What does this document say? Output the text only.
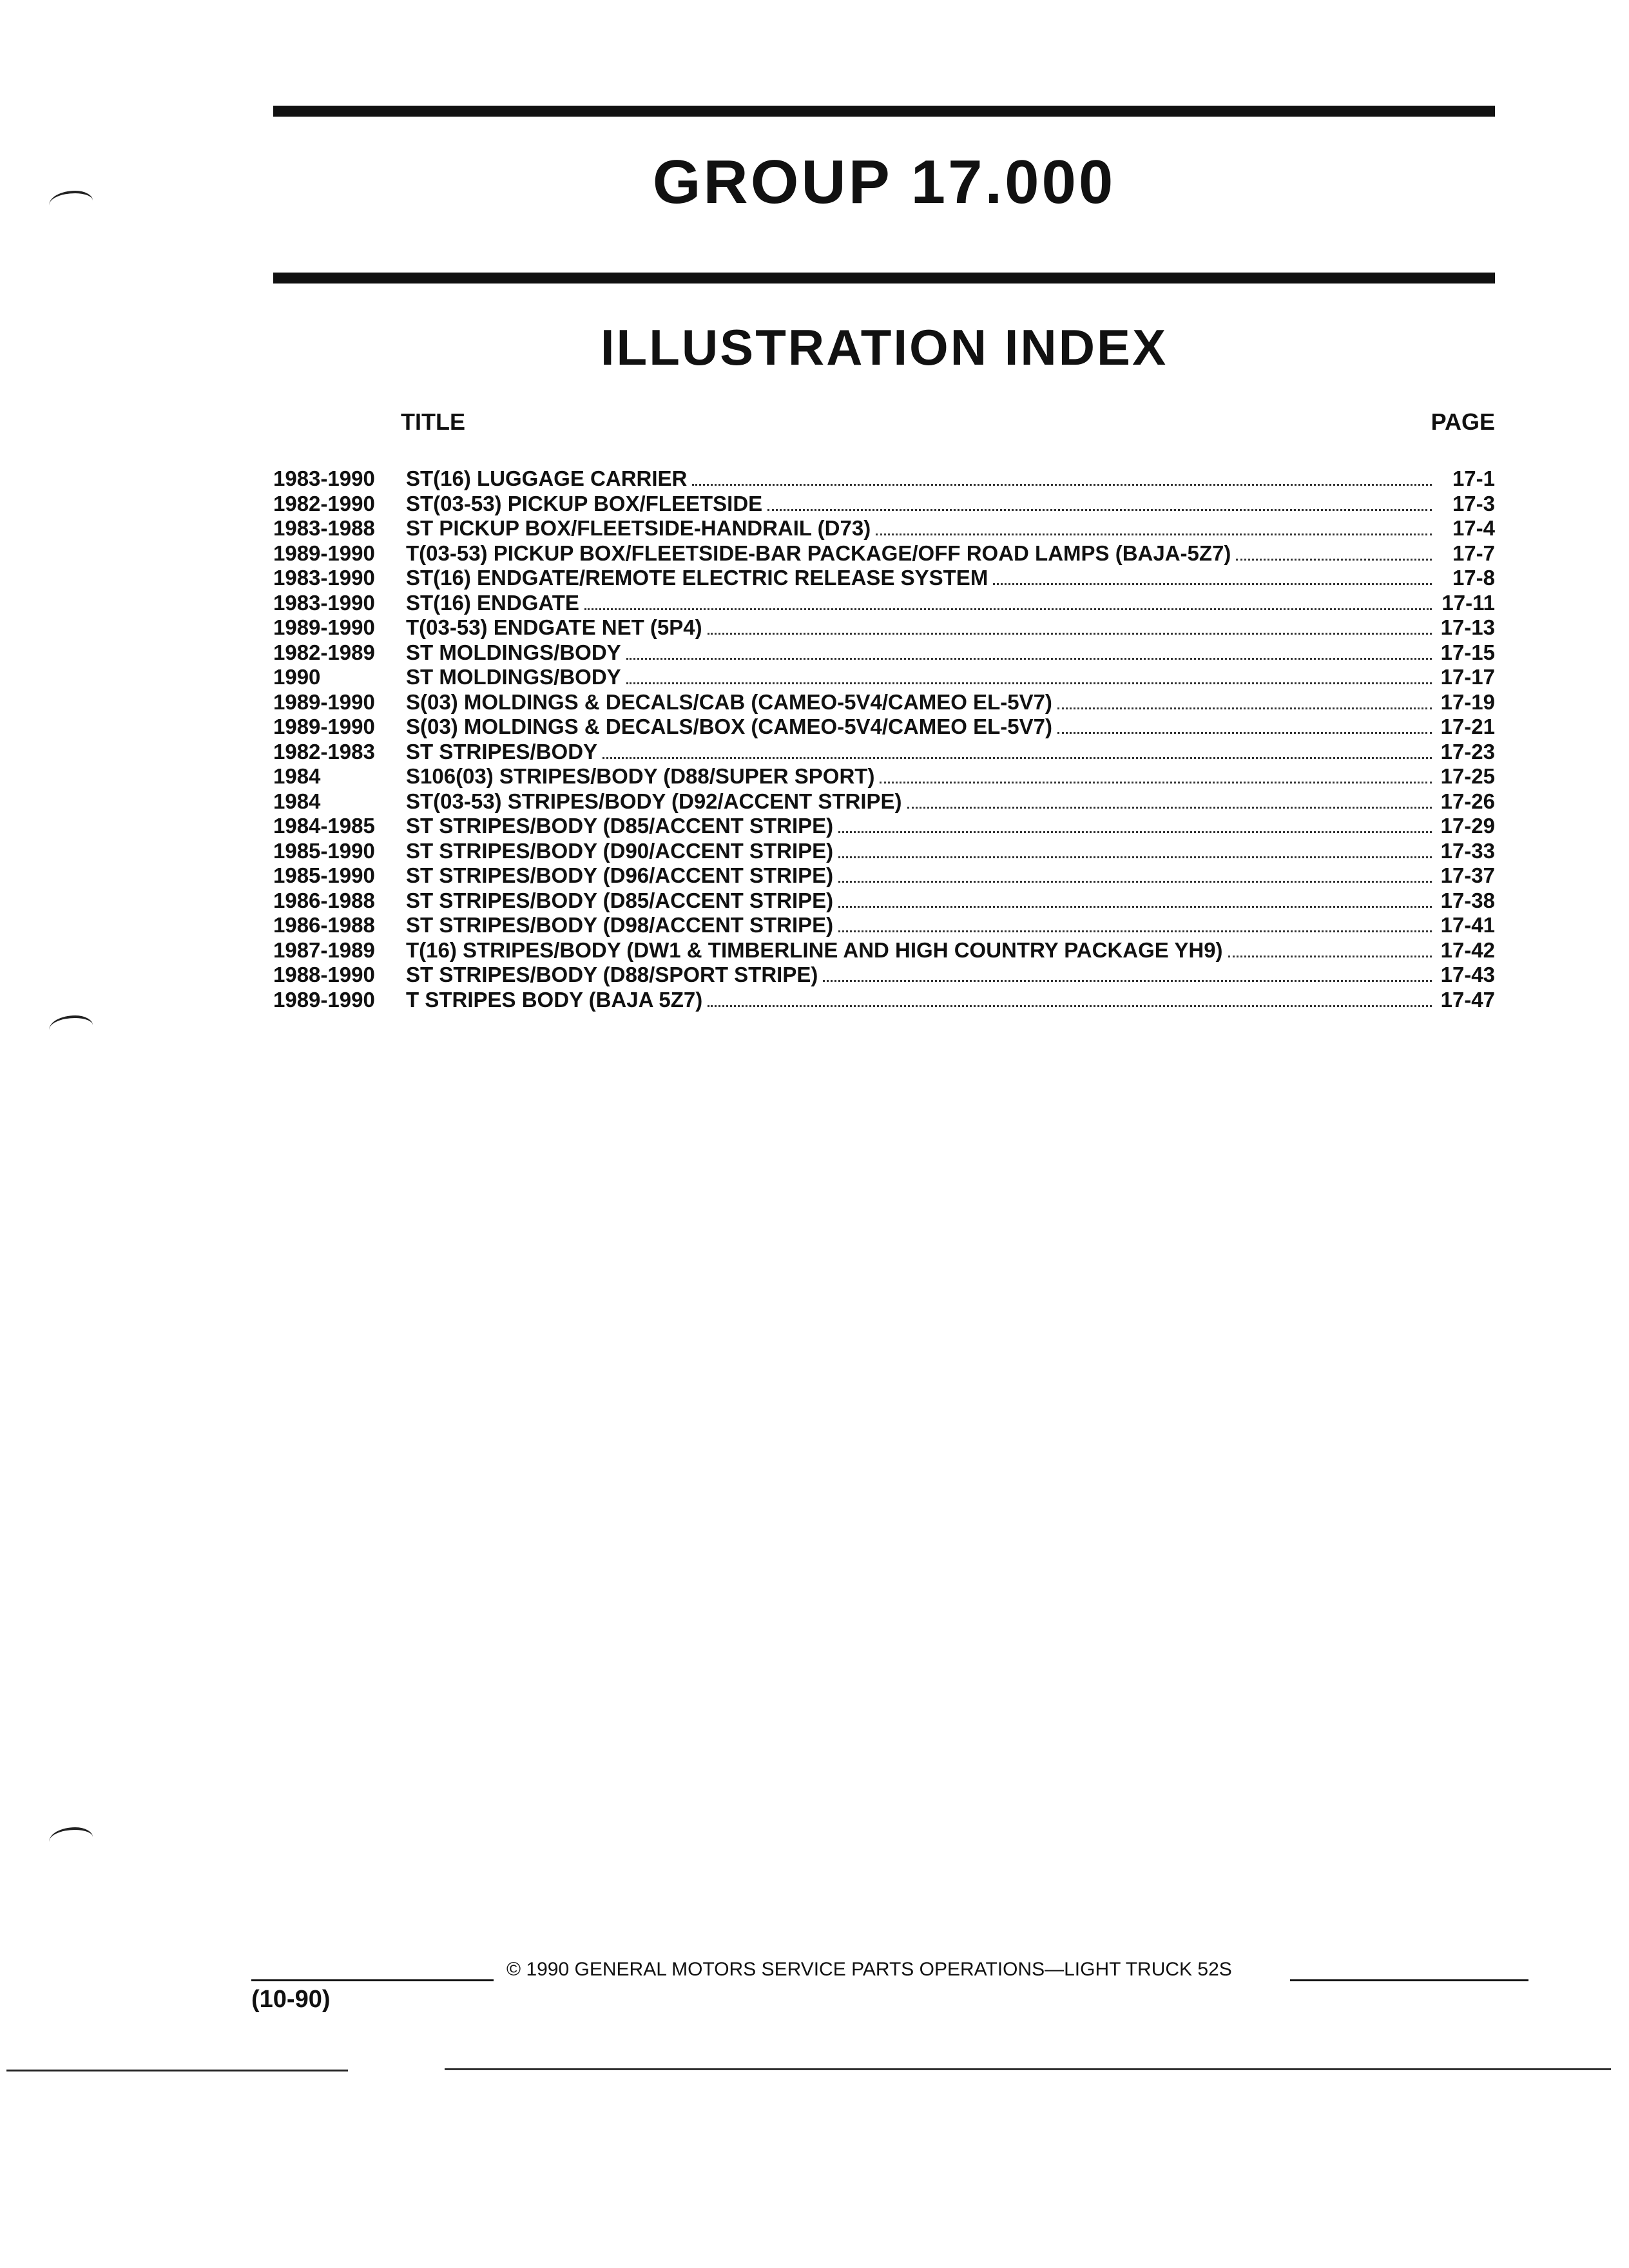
GROUP 17.000
ILLUSTRATION INDEX
TITLE	PAGE
1983-1990	ST(16) LUGGAGE CARRIER	17-1
1982-1990	ST(03-53) PICKUP BOX/FLEETSIDE	17-3
1983-1988	ST PICKUP BOX/FLEETSIDE-HANDRAIL (D73)	17-4
1989-1990	T(03-53) PICKUP BOX/FLEETSIDE-BAR PACKAGE/OFF ROAD LAMPS (BAJA-5Z7)	17-7
1983-1990	ST(16) ENDGATE/REMOTE ELECTRIC RELEASE SYSTEM	17-8
1983-1990	ST(16) ENDGATE	17-11
1989-1990	T(03-53) ENDGATE NET (5P4)	17-13
1982-1989	ST MOLDINGS/BODY	17-15
1990	ST MOLDINGS/BODY	17-17
1989-1990	S(03) MOLDINGS & DECALS/CAB (CAMEO-5V4/CAMEO EL-5V7)	17-19
1989-1990	S(03) MOLDINGS & DECALS/BOX (CAMEO-5V4/CAMEO EL-5V7)	17-21
1982-1983	ST STRIPES/BODY	17-23
1984	S106(03) STRIPES/BODY (D88/SUPER SPORT)	17-25
1984	ST(03-53) STRIPES/BODY (D92/ACCENT STRIPE)	17-26
1984-1985	ST STRIPES/BODY (D85/ACCENT STRIPE)	17-29
1985-1990	ST STRIPES/BODY (D90/ACCENT STRIPE)	17-33
1985-1990	ST STRIPES/BODY (D96/ACCENT STRIPE)	17-37
1986-1988	ST STRIPES/BODY (D85/ACCENT STRIPE)	17-38
1986-1988	ST STRIPES/BODY (D98/ACCENT STRIPE)	17-41
1987-1989	T(16) STRIPES/BODY (DW1 & TIMBERLINE AND HIGH COUNTRY PACKAGE YH9)	17-42
1988-1990	ST STRIPES/BODY (D88/SPORT STRIPE)	17-43
1989-1990	T STRIPES BODY (BAJA 5Z7)	17-47
© 1990 GENERAL MOTORS SERVICE PARTS OPERATIONS—LIGHT TRUCK 52S
(10-90)
